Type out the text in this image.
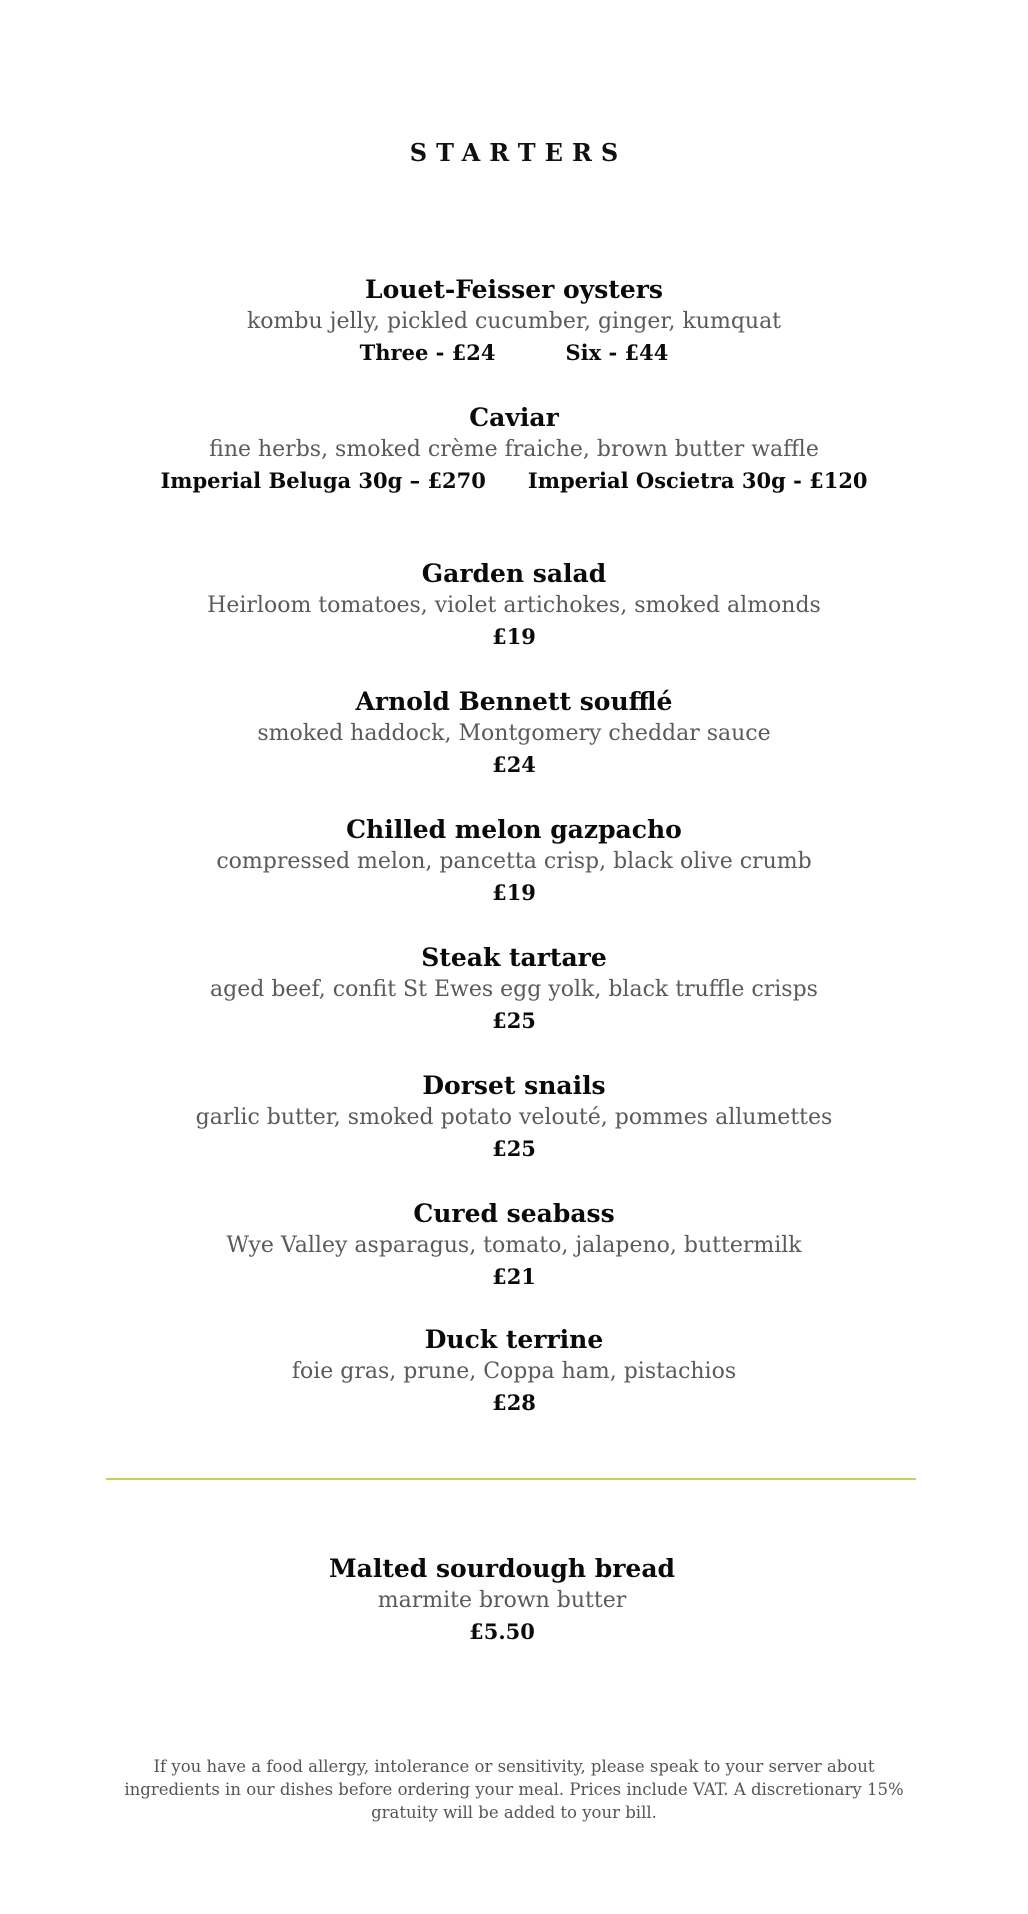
STARTERS
Louet-Feisser oysters
kombu jelly, pickled cucumber, ginger, kumquat
Three - £24	Six - £44
Caviar
fine herbs, smoked crème fraiche, brown butter waffle
Imperial Beluga 30g – £270 Imperial Oscietra 30g - £120
Garden salad
Heirloom tomatoes, violet artichokes, smoked almonds
£19
Arnold Bennett soufflé
smoked haddock, Montgomery cheddar sauce
£24
Chilled melon gazpacho
compressed melon, pancetta crisp, black olive crumb
£19
Steak tartare
aged beef, confit St Ewes egg yolk, black truffle crisps
£25
Dorset snails
garlic butter, smoked potato velouté, pommes allumettes
£25
Cured seabass
Wye Valley asparagus, tomato, jalapeno, buttermilk
£21
Duck terrine
foie gras, prune, Coppa ham, pistachios
£28
Malted sourdough bread
marmite brown butter
£5.50
If you have a food allergy, intolerance or sensitivity, please speak to your server about
ingredients in our dishes before ordering your meal. Prices include VAT. A discretionary 15%
gratuity will be added to your bill.
